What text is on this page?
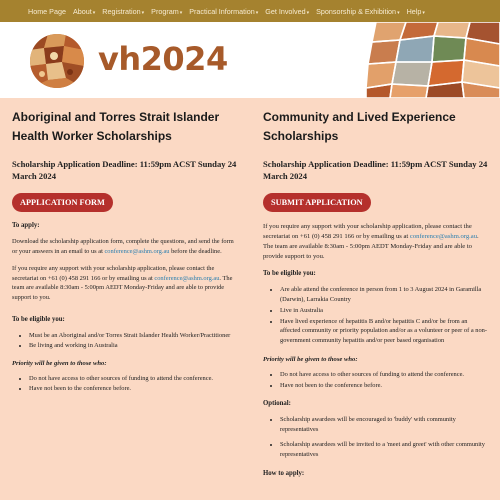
Home Page About▾ Registration▾ Program▾ Practical Information▾ Get Involved▾ Sponsorship & Exhibition▾ Help▾
vh2024
Aboriginal and Torres Strait Islander Health Worker Scholarships
Scholarship Application Deadline: 11:59pm ACST Sunday 24 March 2024
APPLICATION FORM
To apply:

Download the scholarship application form, complete the questions, and send the form or your answers in an email to us at conference@ashm.org.au before the deadline.

If you require any support with your scholarship application, please contact the secretariat on +61 (0) 458 291 166 or by emailing us at conference@ashm.org.au. The team are available 8:30am - 5:00pm AEDT Monday-Friday and are able to provide support to you.

To be eligible you:
• Must be an Aboriginal and/or Torres Strait Islander Health Worker/Practitioner
• Be living and working in Australia
Priority will be given to those who:
• Do not have access to other sources of funding to attend the conference.
• Have not been to the conference before.
Community and Lived Experience Scholarships
Scholarship Application Deadline: 11:59pm ACST Sunday 24 March 2024
SUBMIT APPLICATION

If you require any support with your scholarship application, please contact the secretariat on +61 (0) 458 291 166 or by emailing us at conference@ashm.org.au. The team are available 8:30am - 5:00pm AEDT Monday-Friday and are able to provide support to you.

To be eligible you:
• Are able attend the conference in person from 1 to 3 August 2024 in Garamilla (Darwin), Larrakia Country
• Live in Australia
• Have lived experience of hepatitis B and/or hepatitis C and/or be from an affected community or priority population and/or as a volunteer or peer of a non-government community hepatitis and/or peer based organisation
Priority will be given to those who:
• Do not have access to other sources of funding to attend the conference.
• Have not been to the conference before.
Optional:
• Scholarship awardees will be encouraged to 'buddy' with community representatives
• Scholarship awardees will be invited to a 'meet and greet' with other community representatives
How to apply:
